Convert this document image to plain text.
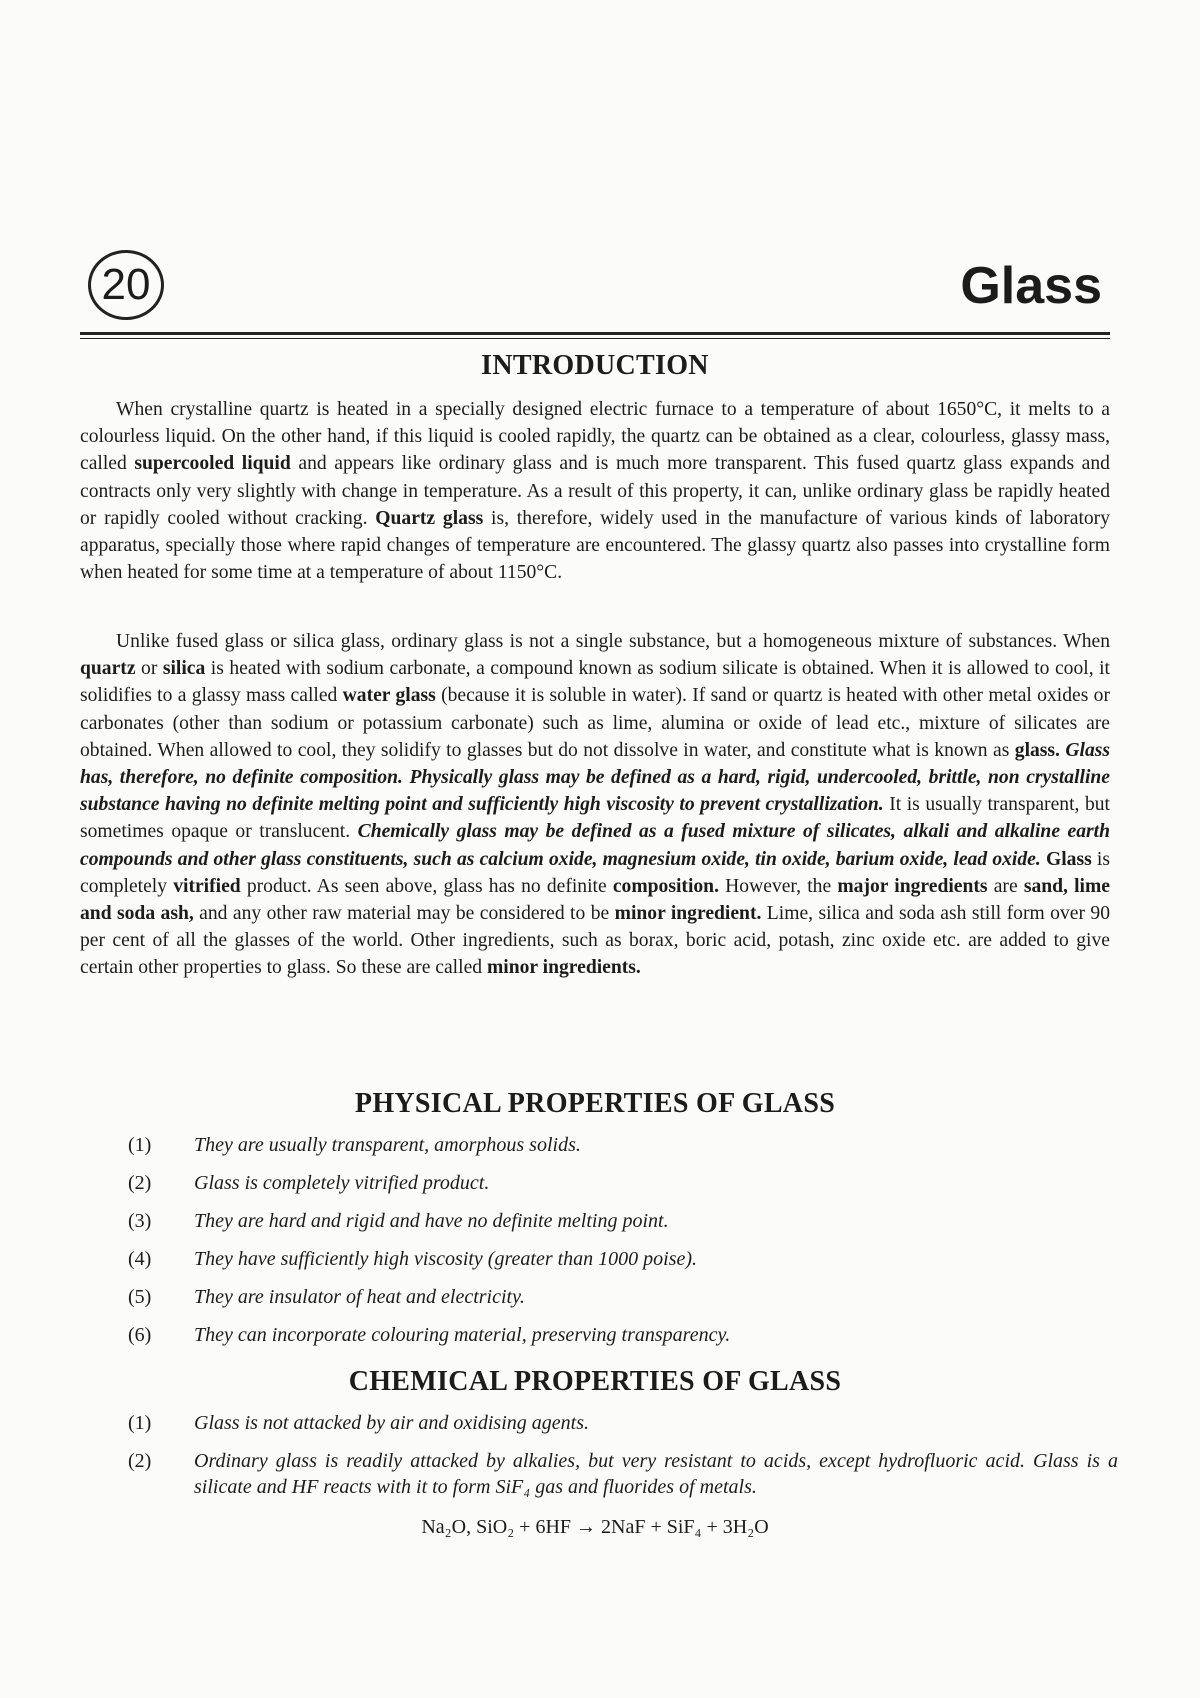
20	Glass
INTRODUCTION

When crystalline quartz is heated in a specially designed electric furnace to a temperature of about 1650°C, it melts to a colourless liquid. On the other hand, if this liquid is cooled rapidly, the quartz can be obtained as a clear, colourless, glassy mass, called supercooled liquid and appears like ordinary glass and is much more transparent. This fused quartz glass expands and contracts only very slightly with change in temperature. As a result of this property, it can, unlike ordinary glass be rapidly heated or rapidly cooled without cracking. Quartz glass is, therefore, widely used in the manufacture of various kinds of laboratory apparatus, specially those where rapid changes of temperature are encountered. The glassy quartz also passes into crystalline form when heated for some time at a temperature of about 1150°C.

Unlike fused glass or silica glass, ordinary glass is not a single substance, but a homogeneous mixture of substances. When quartz or silica is heated with sodium carbonate, a compound known as sodium silicate is obtained. When it is allowed to cool, it solidifies to a glassy mass called water glass (because it is soluble in water). If sand or quartz is heated with other metal oxides or carbonates (other than sodium or potassium carbonate) such as lime, alumina or oxide of lead etc., mixture of silicates are obtained. When allowed to cool, they solidify to glasses but do not dissolve in water, and constitute what is known as glass. Glass has, therefore, no definite composition. Physically glass may be defined as a hard, rigid, undercooled, brittle, non crystalline substance having no definite melting point and sufficiently high viscosity to prevent crystallization. It is usually transparent, but sometimes opaque or translucent. Chemically glass may be defined as a fused mixture of silicates, alkali and alkaline earth compounds and other glass constituents, such as calcium oxide, magnesium oxide, tin oxide, barium oxide, lead oxide. Glass is completely vitrified product. As seen above, glass has no definite composition. However, the major ingredients are sand, lime and soda ash, and any other raw material may be considered to be minor ingredient. Lime, silica and soda ash still form over 90 per cent of all the glasses of the world. Other ingredients, such as borax, boric acid, potash, zinc oxide etc. are added to give certain other properties to glass. So these are called minor ingredients.

PHYSICAL PROPERTIES OF GLASS
(1)	They are usually transparent, amorphous solids.
(2)	Glass is completely vitrified product.
(3)	They are hard and rigid and have no definite melting point.
(4)	They have sufficiently high viscosity (greater than 1000 poise).
(5)	They are insulator of heat and electricity.
(6)	They can incorporate colouring material, preserving transparency.
CHEMICAL PROPERTIES OF GLASS
(1)	Glass is not attacked by air and oxidising agents.
(2)	Ordinary glass is readily attacked by alkalies, but very resistant to acids, except hydrofluoric acid. Glass is a silicate and HF reacts with it to form SiF₄ gas and fluorides of metals.
Na₂O, SiO₂ + 6HF → 2NaF + SiF₄ + 3H₂O
